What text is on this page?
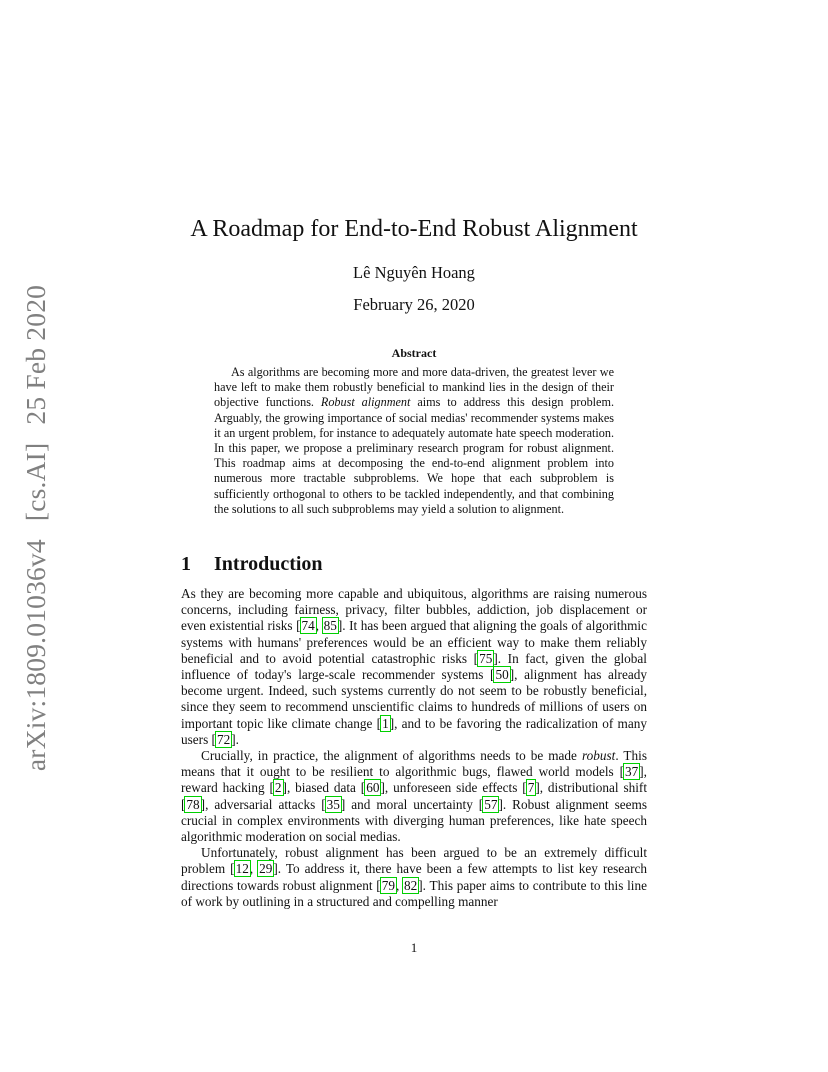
arXiv:1809.01036v4[cs.AI]25 Feb 2020
A Roadmap for End-to-End Robust Alignment
Lê Nguyên Hoang
February 26, 2020
Abstract

As algorithms are becoming more and more data-driven, the greatest lever we have left to make them robustly beneficial to mankind lies in the design of their objective functions. Robust alignment aims to address this design problem. Arguably, the growing importance of social medias' recommender systems makes it an urgent problem, for instance to adequately automate hate speech moderation. In this paper, we propose a preliminary research program for robust alignment. This roadmap aims at decomposing the end-to-end alignment problem into numerous more tractable subproblems. We hope that each subproblem is sufficiently orthogonal to others to be tackled independently, and that combining the solutions to all such subproblems may yield a solution to alignment.

1 Introduction

As they are becoming more capable and ubiquitous, algorithms are raising numerous concerns, including fairness, privacy, filter bubbles, addiction, job displacement or even existential risks [74, 85]. It has been argued that aligning the goals of algorithmic systems with humans' preferences would be an efficient way to make them reliably beneficial and to avoid potential catastrophic risks [75]. In fact, given the global influence of today's large-scale recommender systems [50], alignment has already become urgent. Indeed, such systems currently do not seem to be robustly beneficial, since they seem to recommend unscientific claims to hundreds of millions of users on important topic like climate change [1], and to be favoring the radicalization of many users [72].

Crucially, in practice, the alignment of algorithms needs to be made robust. This means that it ought to be resilient to algorithmic bugs, flawed world models [37], reward hacking [2], biased data [60], unforeseen side effects [7], distributional shift [78], adversarial attacks [35] and moral uncertainty [57]. Robust alignment seems crucial in complex environments with diverging human preferences, like hate speech algorithmic moderation on social medias.

Unfortunately, robust alignment has been argued to be an extremely difficult problem [12, 29]. To address it, there have been a few attempts to list key research directions towards robust alignment [79, 82]. This paper aims to contribute to this line of work by outlining in a structured and compelling manner

1
